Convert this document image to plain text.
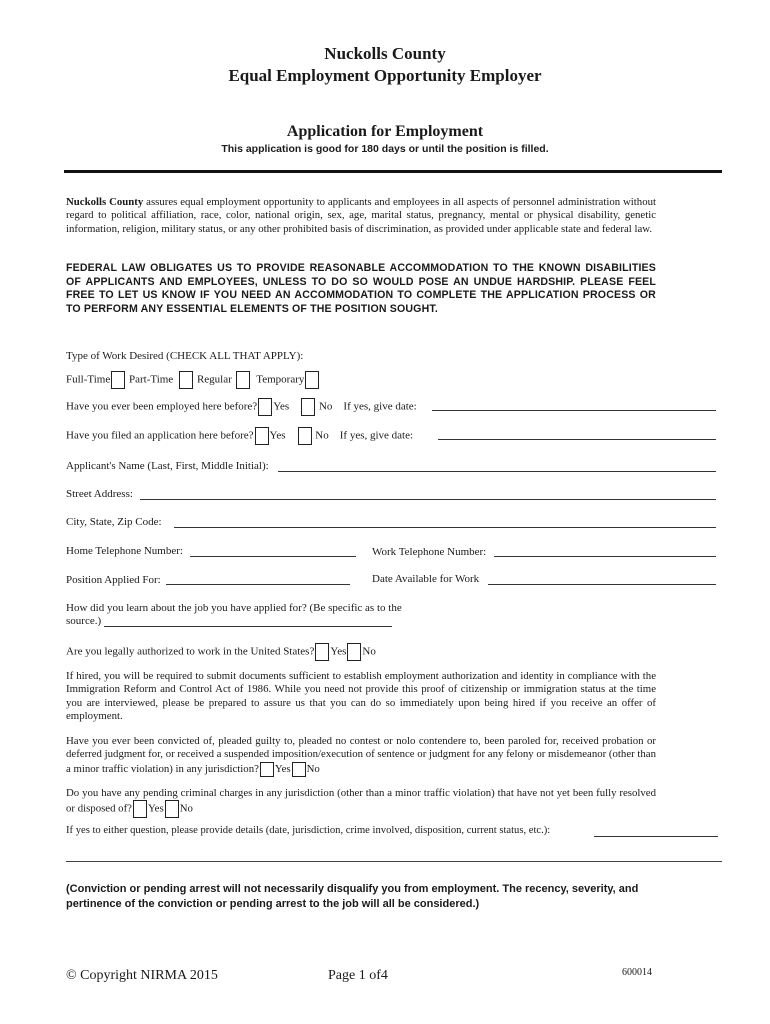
Nuckolls County
Equal Employment Opportunity Employer
Application for Employment
This application is good for 180 days or until the position is filled.
Nuckolls County assures equal employment opportunity to applicants and employees in all aspects of personnel administration without regard to political affiliation, race, color, national origin, sex, age, marital status, pregnancy, mental or physical disability, genetic information, religion, military status, or any other prohibited basis of discrimination, as provided under applicable state and federal law.
FEDERAL LAW OBLIGATES US TO PROVIDE REASONABLE ACCOMMODATION TO THE KNOWN DISABILITIES OF APPLICANTS AND EMPLOYEES, UNLESS TO DO SO WOULD POSE AN UNDUE HARDSHIP. PLEASE FEEL FREE TO LET US KNOW IF YOU NEED AN ACCOMMODATION TO COMPLETE THE APPLICATION PROCESS OR TO PERFORM ANY ESSENTIAL ELEMENTS OF THE POSITION SOUGHT.
Type of Work Desired (CHECK ALL THAT APPLY):
Full-Time Part-Time Regular Temporary
Have you ever been employed here before? Yes	No If yes, give date:
Have you filed an application here before? Yes	No If yes, give date:
Applicant's Name (Last, First, Middle Initial):
Street Address:
City, State, Zip Code:
Home Telephone Number:	Work Telephone Number:
Position Applied For:	Date Available for Work
How did you learn about the job you have applied for? (Be specific as to the
source.)
Are you legally authorized to work in the United States? Yes No
If hired, you will be required to submit documents sufficient to establish employment authorization and identity in compliance with the Immigration Reform and Control Act of 1986. While you need not provide this proof of citizenship or immigration status at the time you are interviewed, please be prepared to assure us that you can do so immediately upon being hired if you receive an offer of employment.
Have you ever been convicted of, pleaded guilty to, pleaded no contest or nolo contendere to, been paroled for, received probation or deferred judgment for, or received a suspended imposition/execution of sentence or judgment for any felony or misdemeanor (other than a minor traffic violation) in any jurisdiction? Yes No
Do you have any pending criminal charges in any jurisdiction (other than a minor traffic violation) that have not yet been fully resolved or disposed of? Yes No
If yes to either question, please provide details (date, jurisdiction, crime involved, disposition, current status, etc.):
(Conviction or pending arrest will not necessarily disqualify you from employment. The recency, severity, and pertinence of the conviction or pending arrest to the job will all be considered.)
© Copyright NIRMA 2015	Page 1 of4	600014
